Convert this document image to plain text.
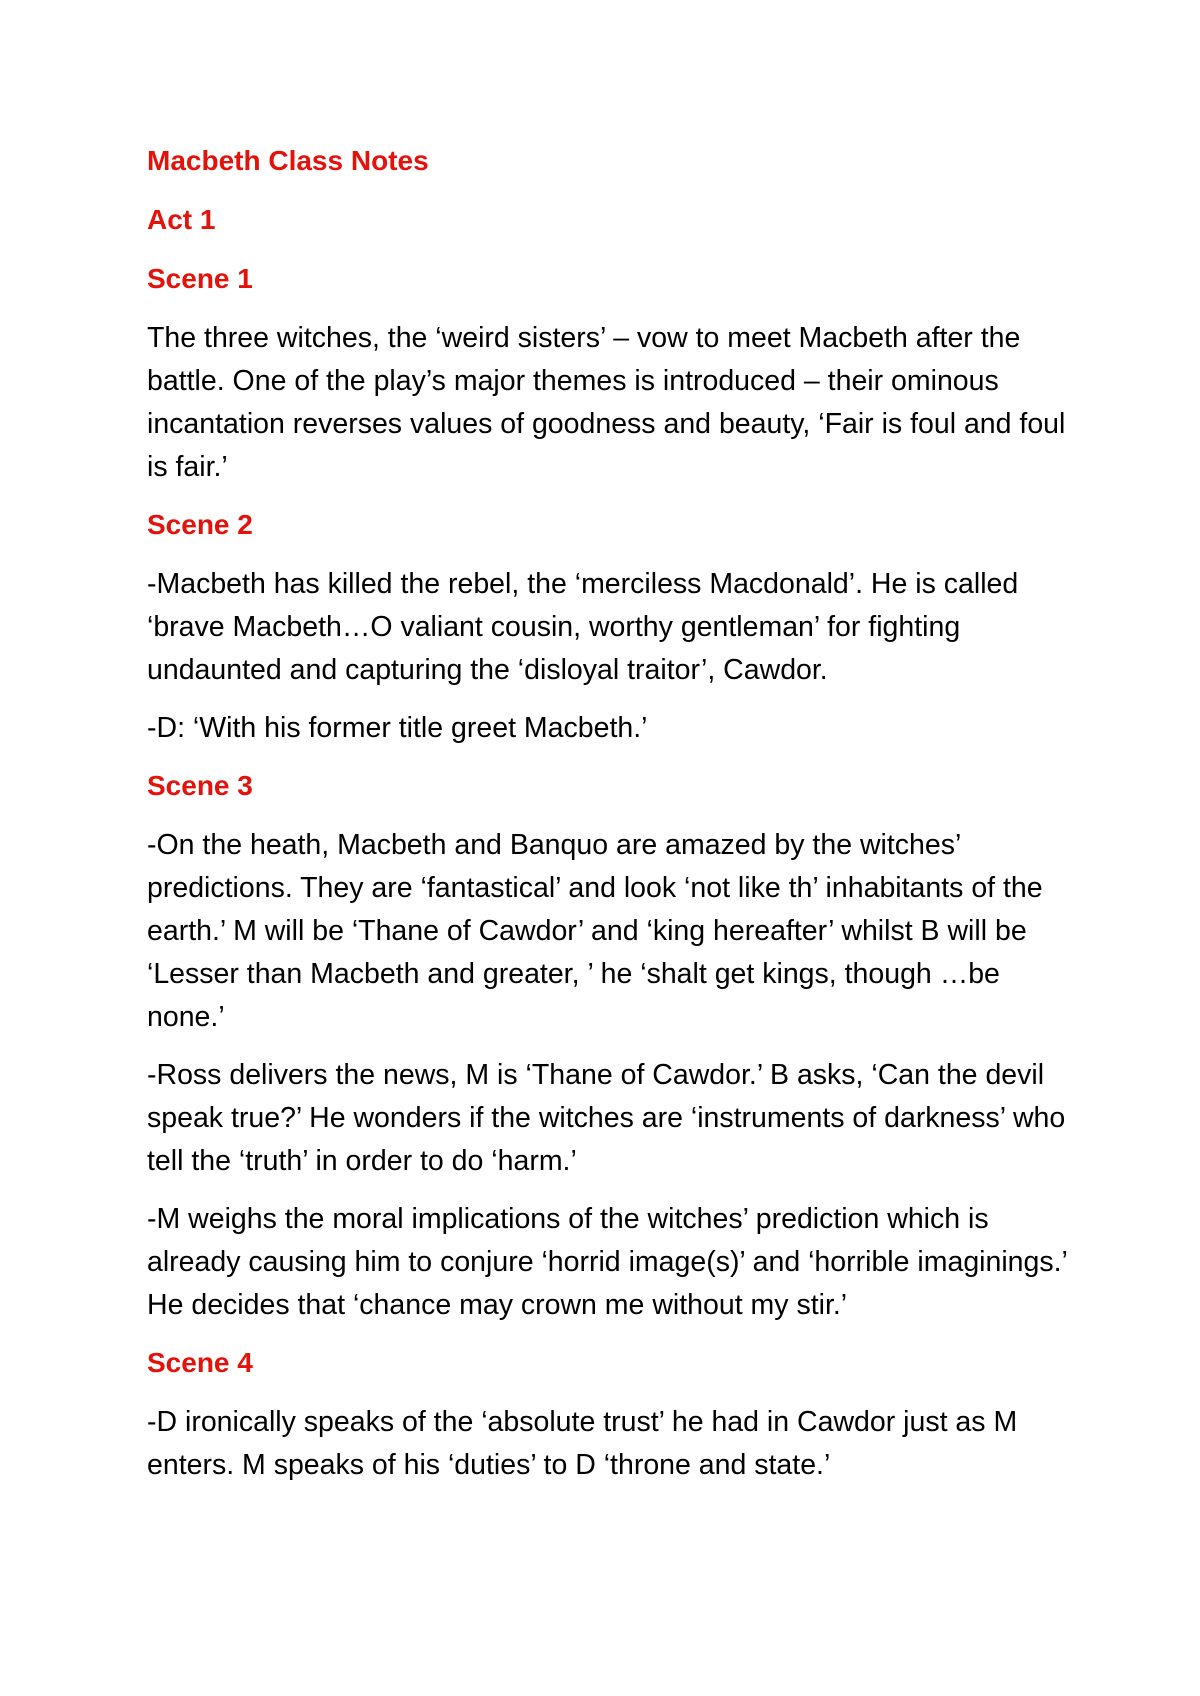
Macbeth Class Notes
Act 1
Scene 1

The three witches, the ‘weird sisters’ – vow to meet Macbeth after the battle. One of the play’s major themes is introduced – their ominous incantation reverses values of goodness and beauty, ‘Fair is foul and foul is fair.’

Scene 2

-Macbeth has killed the rebel, the ‘merciless Macdonald’. He is called ‘brave Macbeth…O valiant cousin, worthy gentleman’ for fighting undaunted and capturing the ‘disloyal traitor’, Cawdor.

-D: ‘With his former title greet Macbeth.’

Scene 3

-On the heath, Macbeth and Banquo are amazed by the witches’ predictions. They are ‘fantastical’ and look ‘not like th’ inhabitants of the earth.’ M will be ‘Thane of Cawdor’ and ‘king hereafter’ whilst B will be ‘Lesser than Macbeth and greater, ’ he ‘shalt get kings, though …be none.’

-Ross delivers the news, M is ‘Thane of Cawdor.’ B asks, ‘Can the devil speak true?’ He wonders if the witches are ‘instruments of darkness’ who tell the ‘truth’ in order to do ‘harm.’

-M weighs the moral implications of the witches’ prediction which is already causing him to conjure ‘horrid image(s)’ and ‘horrible imaginings.’ He decides that ‘chance may crown me without my stir.’

Scene 4

-D ironically speaks of the ‘absolute trust’ he had in Cawdor just as M enters. M speaks of his ‘duties’ to D ‘throne and state.’
